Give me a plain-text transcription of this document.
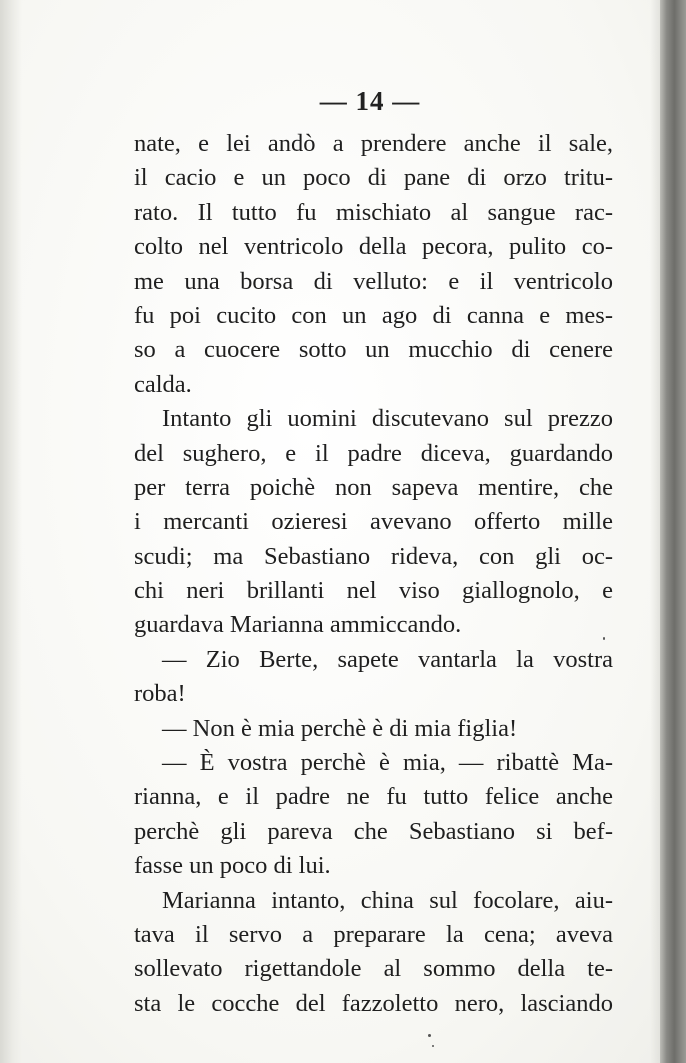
— 14 —
nate, e lei andò a prendere anche il sale,
il cacio e un poco di pane di orzo tritu-
rato. Il tutto fu mischiato al sangue rac-
colto nel ventricolo della pecora, pulito co-
me una borsa di velluto: e il ventricolo
fu poi cucito con un ago di canna e mes-
so a cuocere sotto un mucchio di cenere
calda.
Intanto gli uomini discutevano sul prezzo
del sughero, e il padre diceva, guardando
per terra poichè non sapeva mentire, che
i mercanti ozieresi avevano offerto mille
scudi; ma Sebastiano rideva, con gli oc-
chi neri brillanti nel viso giallognolo, e
guardava Marianna ammiccando.
— Zio Berte, sapete vantarla la vostra
roba!
— Non è mia perchè è di mia figlia!
— È vostra perchè è mia, — ribattè Ma-
rianna, e il padre ne fu tutto felice anche
perchè gli pareva che Sebastiano si bef-
fasse un poco di lui.
Marianna intanto, china sul focolare, aiu-
tava il servo a preparare la cena; aveva
sollevato rigettandole al sommo della te-
sta le cocche del fazzoletto nero, lasciando
